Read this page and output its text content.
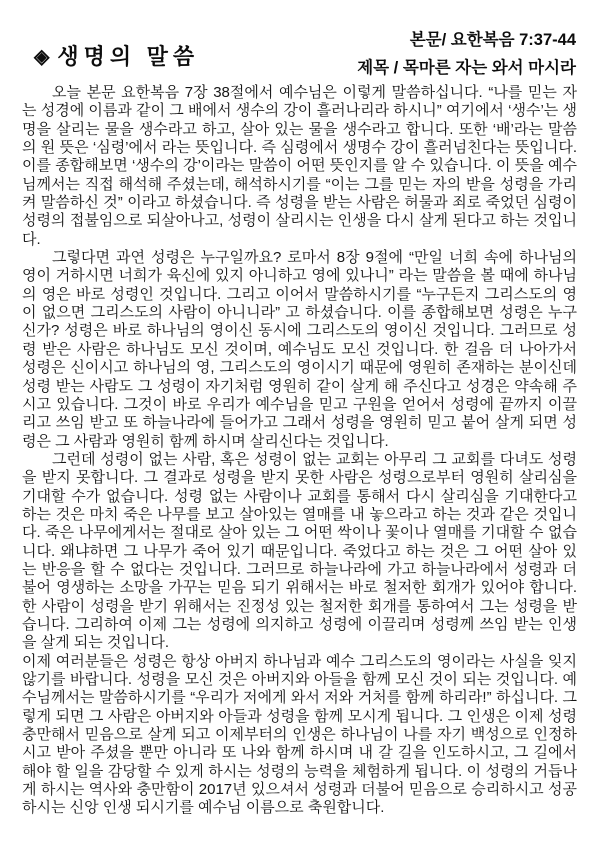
◈ 생명의 말씀
본문/ 요한복음 7:37-44
제목 / 목마른 자는 와서 마시라

오늘 본문 요한복음 7장 38절에서 예수님은 이렇게 말씀하십니다. “나를 믿는 자는 성경에 이름과 같이 그 배에서 생수의 강이 흘러나리라 하시니” 여기에서 ‘생수’는 생명을 살리는 물을 생수라고 하고, 살아 있는 물을 생수라고 합니다. 또한 ‘배’라는 말씀의 원 뜻은 ‘심령’에서 라는 뜻입니다. 즉 심령에서 생명수 강이 흘러넘친다는 뜻입니다. 이를 종합해보면 ‘생수의 강’이라는 말씀이 어떤 뜻인지를 알 수 있습니다. 이 뜻을 예수님께서는 직접 해석해 주셨는데, 해석하시기를 “이는 그를 믿는 자의 받을 성령을 가리켜 말씀하신 것” 이라고 하셨습니다. 즉 성령을 받는 사람은 허물과 죄로 죽었던 심령이 성령의 접불임으로 되살아나고, 성령이 살리시는 인생을 다시 살게 된다고 하는 것입니다.

그렇다면 과연 성령은 누구일까요? 로마서 8장 9절에 “만일 너희 속에 하나님의 영이 거하시면 너희가 육신에 있지 아니하고 영에 있나니” 라는 말씀을 볼 때에 하나님의 영은 바로 성령인 것입니다. 그리고 이어서 말씀하시기를 “누구든지 그리스도의 영이 없으면 그리스도의 사람이 아니니라” 고 하셨습니다. 이를 종합해보면 성령은 누구신가? 성령은 바로 하나님의 영이신 동시에 그리스도의 영이신 것입니다. 그러므로 성령 받은 사람은 하나님도 모신 것이며, 예수님도 모신 것입니다. 한 걸음 더 나아가서 성령은 신이시고 하나님의 영, 그리스도의 영이시기 때문에 영원히 존재하는 분이신데 성령 받는 사람도 그 성령이 자기처럼 영원히 같이 살게 해 주신다고 성경은 약속해 주시고 있습니다. 그것이 바로 우리가 예수님을 믿고 구원을 얻어서 성령에 끝까지 이끌리고 쓰임 받고 또 하늘나라에 들어가고 그래서 성령을 영원히 믿고 붙어 살게 되면 성령은 그 사람과 영원히 함께 하시며 살리신다는 것입니다.

그런데 성령이 없는 사람, 혹은 성령이 없는 교회는 아무리 그 교회를 다녀도 성령을 받지 못합니다. 그 결과로 성령을 받지 못한 사람은 성령으로부터 영원히 살리심을 기대할 수가 없습니다. 성령 없는 사람이나 교회를 통해서 다시 살리심을 기대한다고 하는 것은 마치 죽은 나무를 보고 살아있는 열매를 내 놓으라고 하는 것과 같은 것입니다. 죽은 나무에게서는 절대로 살아 있는 그 어떤 싹이나 꽃이나 열매를 기대할 수 없습니다. 왜냐하면 그 나무가 죽어 있기 때문입니다. 죽었다고 하는 것은 그 어떤 살아 있는 반응을 할 수 없다는 것입니다. 그러므로 하늘나라에 가고 하늘나라에서 성령과 더불어 영생하는 소망을 가꾸는 믿음 되기 위해서는 바로 철저한 회개가 있어야 합니다. 한 사람이 성령을 받기 위해서는 진정성 있는 철저한 회개를 통하여서 그는 성령을 받습니다. 그리하여 이제 그는 성령에 의지하고 성령에 이끌리며 성령께 쓰임 받는 인생을 살게 되는 것입니다.

이제 여러분들은 성령은 항상 아버지 하나님과 예수 그리스도의 영이라는 사실을 잊지 않기를 바랍니다. 성령을 모신 것은 아버지와 아들을 함께 모신 것이 되는 것입니다. 예수님께서는 말씀하시기를 “우리가 저에게 와서 저와 거처를 함께 하리라!” 하십니다. 그렇게 되면 그 사람은 아버지와 아들과 성령을 함께 모시게 됩니다. 그 인생은 이제 성령 충만해서 믿음으로 살게 되고 이제부터의 인생은 하나님이 나를 자기 백성으로 인정하시고 받아 주셨을 뿐만 아니라 또 나와 함께 하시며 내 갈 길을 인도하시고, 그 길에서 해야 할 일을 감당할 수 있게 하시는 성령의 능력을 체험하게 됩니다. 이 성령의 거듭나게 하시는 역사와 충만함이 2017년 있으셔서 성령과 더불어 믿음으로 승리하시고 성공하시는 신앙 인생 되시기를 예수님 이름으로 축원합니다.
